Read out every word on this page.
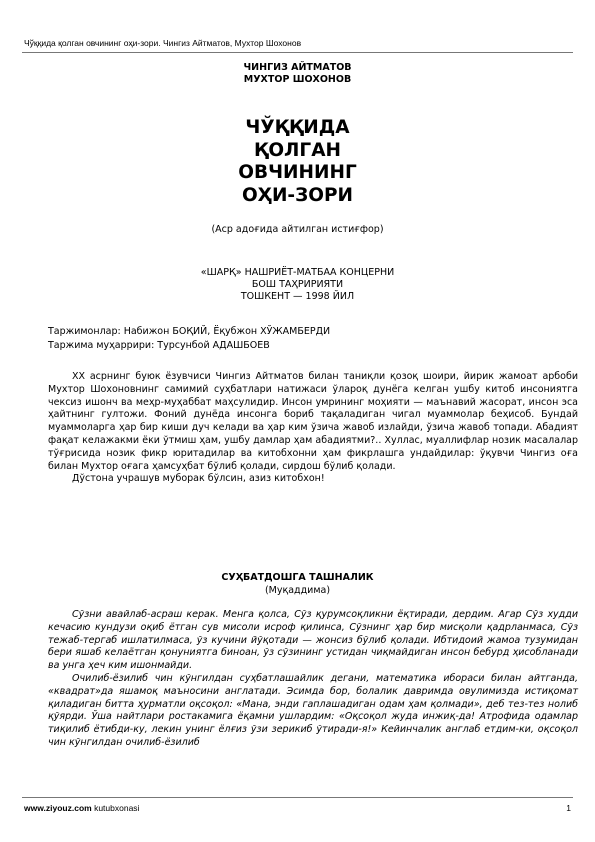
Чўққида қолган овчининг оҳи-зори. Чингиз Айтматов, Мухтор Шохонов
ЧИНГИЗ АЙТМАТОВ
МУХТОР ШОХОНОВ
ЧЎҚҚИДА
ҚОЛГАН
ОВЧИНИНГ
ОҲИ-ЗОРИ
(Аср адоғида айтилган истиғфор)
«ШАРҚ» НАШРИЁТ-МАТБАА КОНЦЕРНИ
БОШ ТАҲРИРИЯТИ
ТОШКЕНТ — 1998 ЙИЛ
Таржимонлар: Набижон БОҚИЙ, Ёқубжон ХЎЖАМБЕРДИ
Таржима муҳаррири: Турсунбой АДАШБОЕВ

XX асрнинг буюк ёзувчиси Чингиз Айтматов билан таниқли қозоқ шоири, йирик жамоат арбоби Мухтор Шохоновнинг самимий суҳбатлари натижаси ўлароқ дунёга келган ушбу китоб инсониятга чексиз ишонч ва меҳр-муҳаббат маҳсулидир. Инсон умрининг моҳияти — маънавий жасорат, инсон эса ҳайтнинг гултожи. Фоний дунёда инсонга бориб тақаладиган чигал муаммолар беҳисоб. Бундай муаммоларга ҳар бир киши дуч келади ва ҳар ким ўзича жавоб излайди, ўзича жавоб топади. Абадият фақат келажакми ёки ўтмиш ҳам, ушбу дамлар ҳам абадиятми?.. Хуллас, муаллифлар нозик масалалар тўғрисида нозик фикр юритадилар ва китобхонни ҳам фикрлашга ундайдилар: ўқувчи Чингиз оға билан Мухтор оғага ҳамсуҳбат бўлиб қолади, сирдош бўлиб қолади.

Дўстона учрашув муборак бўлсин, азиз китобхон!

СУҲБАТДОШГА ТАШНАЛИК
(Муқаддима)

Сўзни авайлаб-асраш керак. Менга қолса, Сўз қурумсоқликни ёқтиради, дердим. Агар Сўз худди кечасию кундузи оқиб ётган сув мисоли исроф қилинса, Сўзнинг ҳар бир мисқоли қадрланмаса, Сўз тежаб-тергаб ишлатилмаса, ўз кучини йўқотади — жонсиз бўлиб қолади. Ибтидоий жамоа тузумидан бери яшаб келаётган қонуниятга биноан, ўз сўзининг устидан чиқмайдиган инсон бебурд ҳисобланади ва унга ҳеч ким ишонмайди.

Очилиб-ёзилиб чин кўнгилдан суҳбатлашайлик дегани, математика ибораси билан айтганда, «квадрат»да яшамоқ маъносини англатади. Эсимда бор, болалик давримда овулимизда истиқомат қиладиган битта ҳурматли оқсоқол: «Мана, энди гаплашадиган одам ҳам қолмади», деб тез-тез нолиб қўярди. Ўша найтлари ростакамига ёқамни ушлардим: «Оқсоқол жуда инжиқ-да! Атрофида одамлар тиқилиб ётибди-ку, лекин унинг ёлғиз ўзи зерикиб ўтиради-я!» Кейинчалик англаб етдим-ки, оқсоқол чин кўнгилдан очилиб-ёзилиб

www.ziyouz.com kutubxonasi	1
